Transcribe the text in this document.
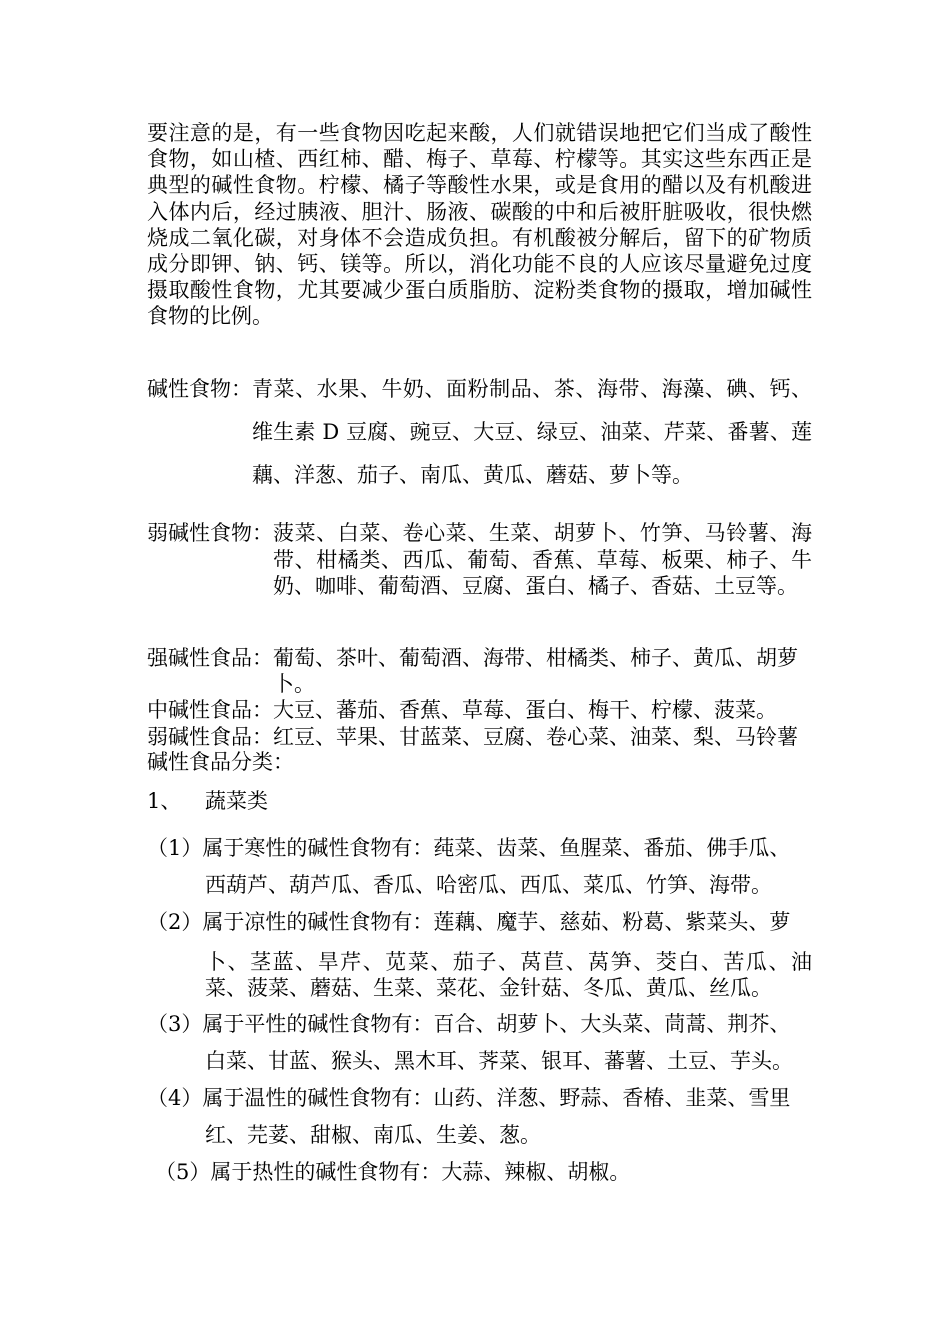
要注意的是，有一些食物因吃起来酸，人们就错误地把它们当成了酸性食物，如山楂、西红柿、醋、梅子、草莓、柠檬等。其实这些东西正是典型的碱性食物。柠檬、橘子等酸性水果，或是食用的醋以及有机酸进入体内后，经过胰液、胆汁、肠液、碳酸的中和后被肝脏吸收，很快燃烧成二氧化碳，对身体不会造成负担。有机酸被分解后，留下的矿物质成分即钾、钠、钙、镁等。所以，消化功能不良的人应该尽量避免过度摄取酸性食物，尤其要减少蛋白质脂肪、淀粉类食物的摄取，增加碱性食物的比例。
碱性食物： 青菜、水果、牛奶、面粉制品、茶、海带、海藻、碘、钙、维生素 D 豆腐、豌豆、大豆、绿豆、油菜、芹菜、番薯、莲藕、洋葱、茄子、南瓜、黄瓜、蘑菇、萝卜等。
弱碱性食物： 菠菜、白菜、卷心菜、生菜、胡萝卜、竹笋、马铃薯、海带、柑橘类、西瓜、葡萄、香蕉、草莓、板栗、柿子、牛奶、咖啡、葡萄酒、豆腐、蛋白、橘子、香菇、土豆等。
强碱性食品： 葡萄、茶叶、葡萄酒、海带、柑橘类、柿子、黄瓜、胡萝卜。
中碱性食品： 大豆、蕃茄、香蕉、草莓、蛋白、梅干、柠檬、菠菜。
弱碱性食品： 红豆、苹果、甘蓝菜、豆腐、卷心菜、油菜、梨、马铃薯
碱性食品分类：
1、 蔬菜类
（1）属于寒性的碱性食物有： 莼菜、齿菜、鱼腥菜、番茄、佛手瓜、
西葫芦、葫芦瓜、香瓜、哈密瓜、西瓜、菜瓜、竹笋、海带。
（2）属于凉性的碱性食物有： 莲藕、魔芋、慈茹、粉葛、紫菜头、萝
卜、茎蓝、旱芹、苋菜、茄子、莴苣、莴笋、茭白、苦瓜、油菜、菠菜、蘑菇、生菜、菜花、金针菇、冬瓜、黄瓜、丝瓜。
（3）属于平性的碱性食物有： 百合、胡萝卜、大头菜、茼蒿、荆芥、
白菜、甘蓝、猴头、黑木耳、荠菜、银耳、蕃薯、土豆、芋头。
（4）属于温性的碱性食物有： 山药、洋葱、野蒜、香椿、韭菜、雪里
红、芫荽、甜椒、南瓜、生姜、葱。
（5）属于热性的碱性食物有： 大蒜、辣椒、胡椒。
